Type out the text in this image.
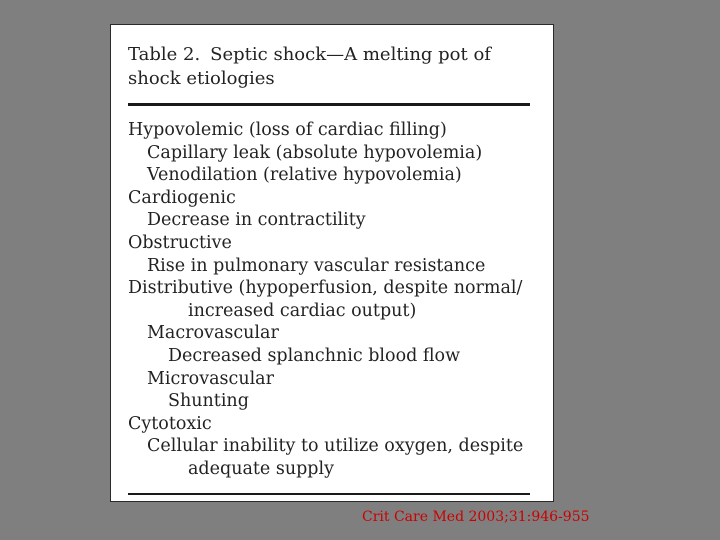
Table 2. Septic shock—A melting pot of shock etiologies
Hypovolemic (loss of cardiac filling)
Capillary leak (absolute hypovolemia)
Venodilation (relative hypovolemia)
Cardiogenic
Decrease in contractility
Obstructive
Rise in pulmonary vascular resistance
Distributive (hypoperfusion, despite normal/
increased cardiac output)
Macrovascular
Decreased splanchnic blood flow
Microvascular
Shunting
Cytotoxic
Cellular inability to utilize oxygen, despite
adequate supply
Crit Care Med 2003;31:946-955
